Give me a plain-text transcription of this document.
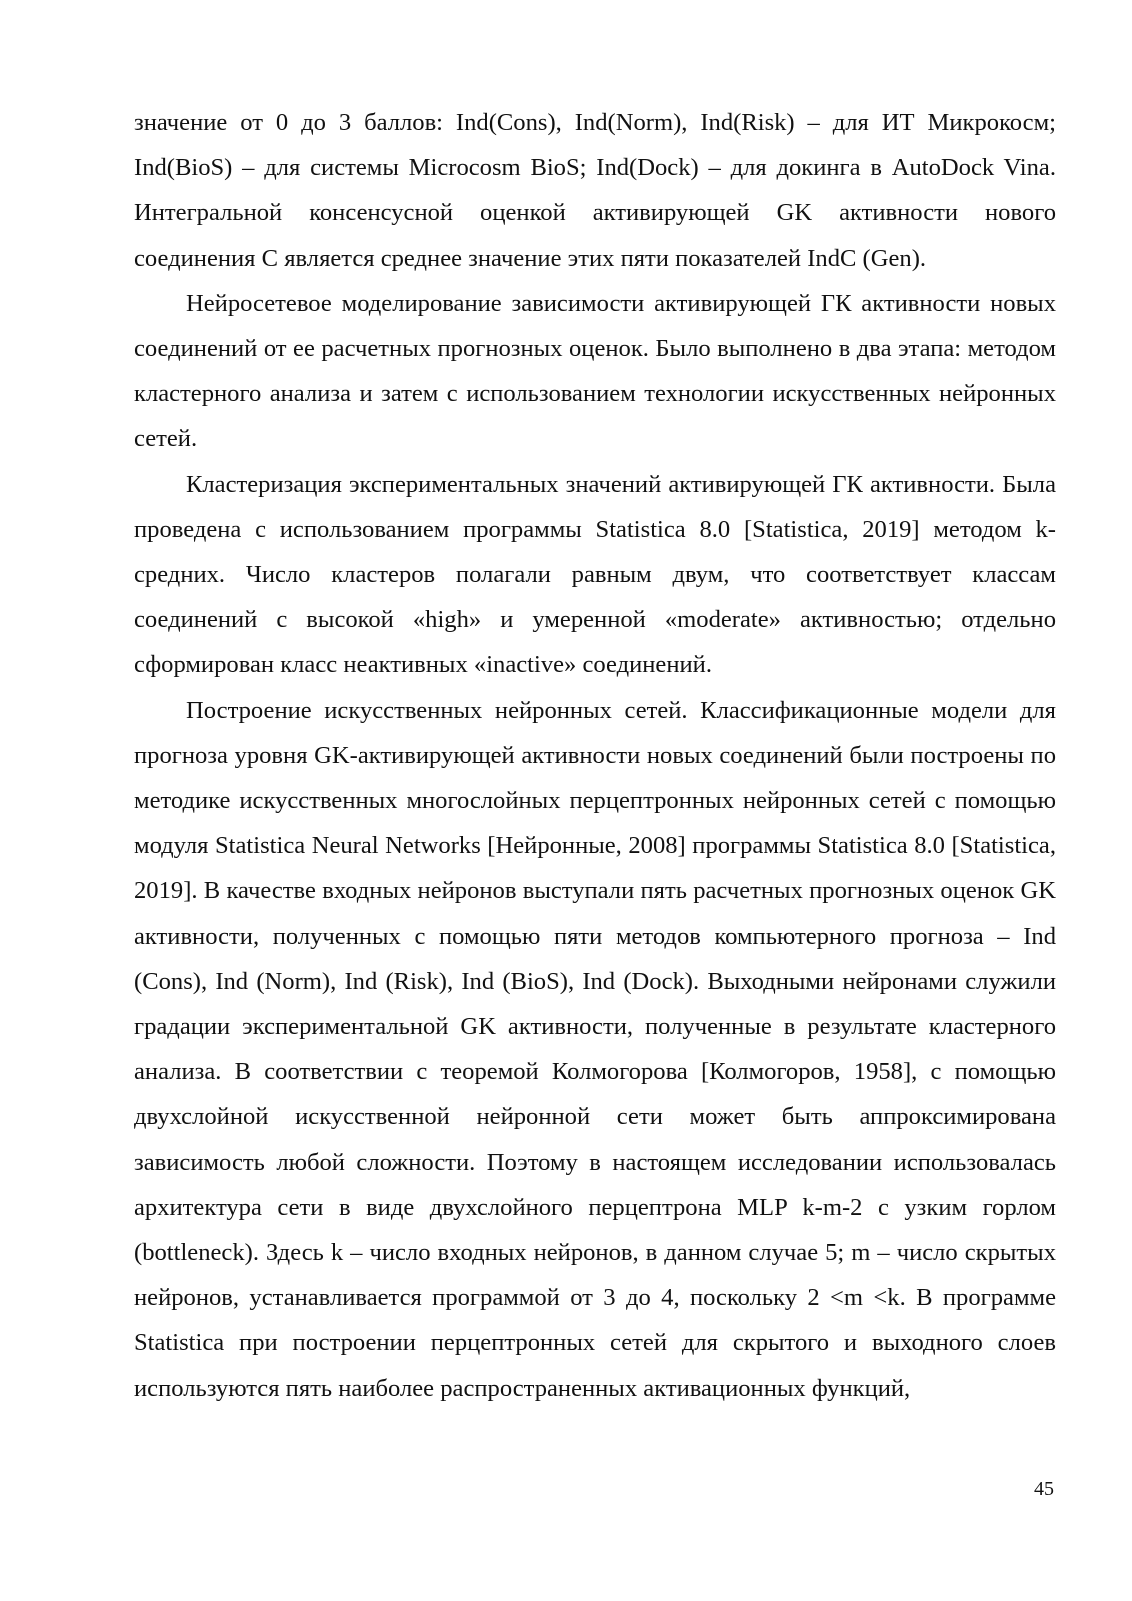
значение от 0 до 3 баллов: Ind(Cons), Ind(Norm), Ind(Risk) – для ИТ Микрокосм; Ind(BioS) – для системы Microcosm BioS; Ind(Dock) – для докинга в AutoDock Vina. Интегральной консенсусной оценкой активирующей GK активности нового соединения C является среднее значение этих пяти показателей IndC (Gen).

Нейросетевое моделирование зависимости активирующей ГК активности новых соединений от ее расчетных прогнозных оценок. Было выполнено в два этапа: методом кластерного анализа и затем с использованием технологии искусственных нейронных сетей.

Кластеризация экспериментальных значений активирующей ГК активности. Была проведена с использованием программы Statistica 8.0 [Statistica, 2019] методом k-средних. Число кластеров полагали равным двум, что соответствует классам соединений с высокой «high» и умеренной «moderate» активностью; отдельно сформирован класс неактивных «inactive» соединений.

Построение искусственных нейронных сетей. Классификационные модели для прогноза уровня GK-активирующей активности новых соединений были построены по методике искусственных многослойных перцептронных нейронных сетей с помощью модуля Statistica Neural Networks [Нейронные, 2008] программы Statistica 8.0 [Statistica, 2019]. В качестве входных нейронов выступали пять расчетных прогнозных оценок GK активности, полученных с помощью пяти методов компьютерного прогноза – Ind (Cons), Ind (Norm), Ind (Risk), Ind (BioS), Ind (Dock). Выходными нейронами служили градации экспериментальной GK активности, полученные в результате кластерного анализа. В соответствии с теоремой Колмогорова [Колмогоров, 1958], с помощью двухслойной искусственной нейронной сети может быть аппроксимирована зависимость любой сложности. Поэтому в настоящем исследовании использовалась архитектура сети в виде двухслойного перцептрона MLP k-m-2 с узким горлом (bottleneck). Здесь k – число входных нейронов, в данном случае 5; m – число скрытых нейронов, устанавливается программой от 3 до 4, поскольку 2 <m <k. В программе Statistica при построении перцептронных сетей для скрытого и выходного слоев используются пять наиболее распространенных активационных функций,

45
